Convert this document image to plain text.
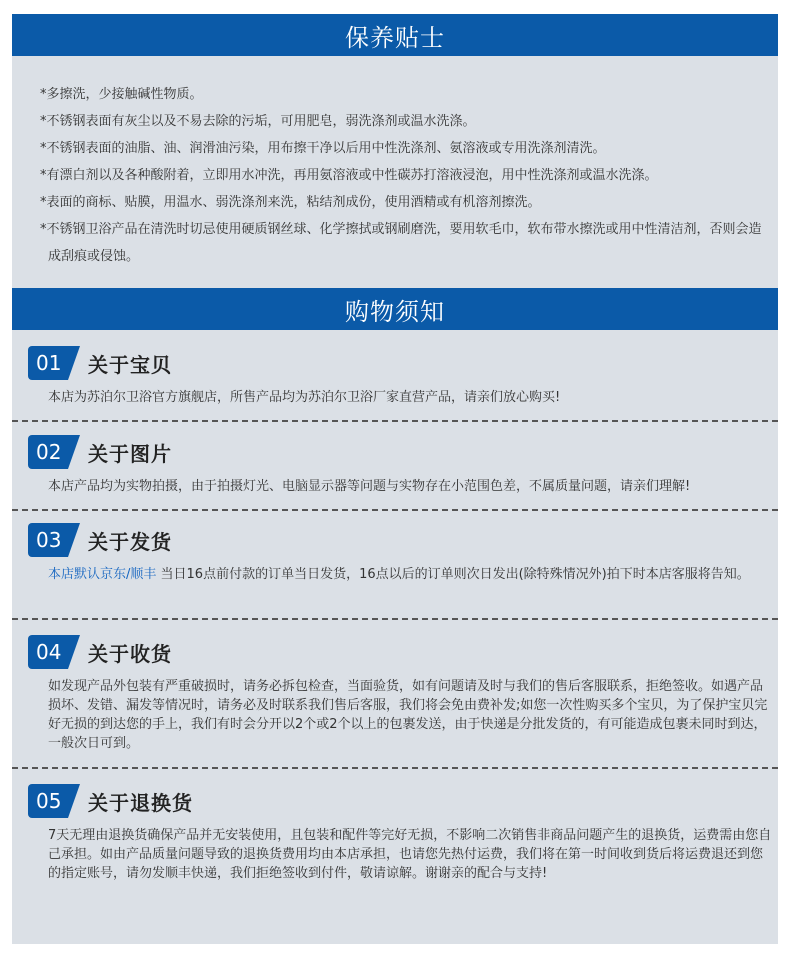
保养贴士
*多擦洗，少接触碱性物质。
*不锈钢表面有灰尘以及不易去除的污垢，可用肥皂，弱洗涤剂或温水洗涤。
*不锈钢表面的油脂、油、润滑油污染，用布擦干净以后用中性洗涤剂、氨溶液或专用洗涤剂清洗。
*有漂白剂以及各种酸附着，立即用水冲洗，再用氨溶液或中性碳苏打溶液浸泡，用中性洗涤剂或温水洗涤。
*表面的商标、贴膜，用温水、弱洗涤剂来洗，粘结剂成份，使用酒精或有机溶剂擦洗。
*不锈钢卫浴产品在清洗时切忌使用硬质钢丝球、化学擦拭或钢刷磨洗，要用软毛巾，软布带水擦洗或用中性清洁剂，否则会造成刮痕或侵蚀。
购物须知
01	关于宝贝
本店为苏泊尔卫浴官方旗舰店，所售产品均为苏泊尔卫浴厂家直营产品，请亲们放心购买!
02	关于图片
本店产品均为实物拍摄，由于拍摄灯光、电脑显示器等问题与实物存在小范围色差，不属质量问题，请亲们理解!
03	关于发货
本店默认京东/顺丰 当日16点前付款的订单当日发货，16点以后的订单则次日发出(除特殊情况外)拍下时本店客服将告知。
04	关于收货
如发现产品外包装有严重破损时，请务必拆包检查，当面验货，如有问题请及时与我们的售后客服联系，拒绝签收。如遇产品损坏、发错、漏发等情况时，请务必及时联系我们售后客服，我们将会免由费补发;如您一次性购买多个宝贝，为了保护宝贝完好无损的到达您的手上，我们有时会分开以2个或2个以上的包裹发送，由于快递是分批发货的，有可能造成包裹未同时到达，一般次日可到。
05	关于退换货
7天无理由退换货确保产品并无安装使用，且包装和配件等完好无损，不影响二次销售非商品问题产生的退换货，运费需由您自己承担。如由产品质量问题导致的退换货费用均由本店承担，也请您先热付运费，我们将在第一时间收到货后将运费退还到您的指定账号，请勿发顺丰快递，我们拒绝签收到付件，敬请谅解。谢谢亲的配合与支持!
